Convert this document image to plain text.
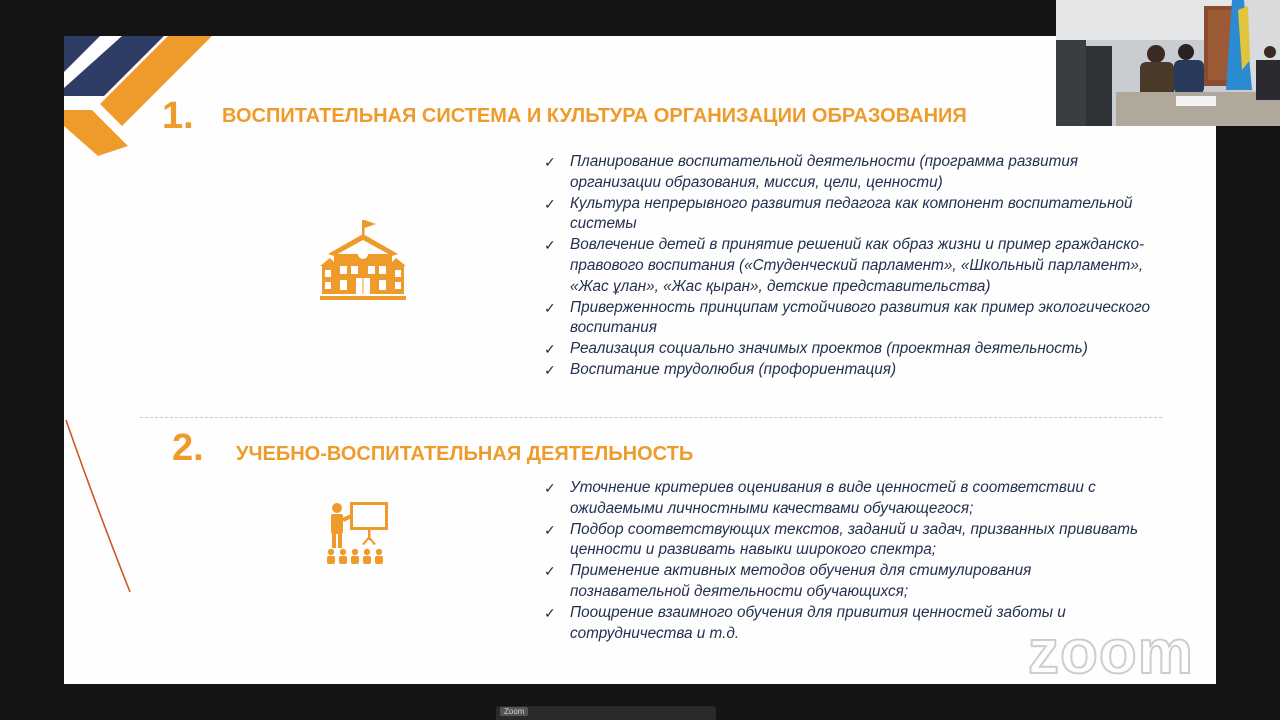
1. ВОСПИТАТЕЛЬНАЯ СИСТЕМА И КУЛЬТУРА ОРГАНИЗАЦИИ ОБРАЗОВАНИЯ
✓ Планирование воспитательной деятельности (программа развития организации образования, миссия, цели, ценности)
✓ Культура непрерывного развития педагога как компонент воспитательной системы
✓ Вовлечение детей в принятие решений как образ жизни и пример гражданско-правового воспитания («Студенческий парламент», «Школьный парламент», «Жас ұлан», «Жас қыран», детские представительства)
✓ Приверженность принципам устойчивого развития как пример экологического воспитания
✓ Реализация социально значимых проектов (проектная деятельность)
✓ Воспитание трудолюбия (профориентация)
2. УЧЕБНО-ВОСПИТАТЕЛЬНАЯ ДЕЯТЕЛЬНОСТЬ
✓ Уточнение критериев оценивания в виде ценностей в соответствии с ожидаемыми личностными качествами обучающегося;
✓ Подбор соответствующих текстов, заданий и задач, призванных прививать ценности и развивать навыки широкого спектра;
✓ Применение активных методов обучения для стимулирования познавательной деятельности обучающихся;
✓ Поощрение взаимного обучения для привития ценностей заботы и сотрудничества и т.д.	zoom
Zoom
